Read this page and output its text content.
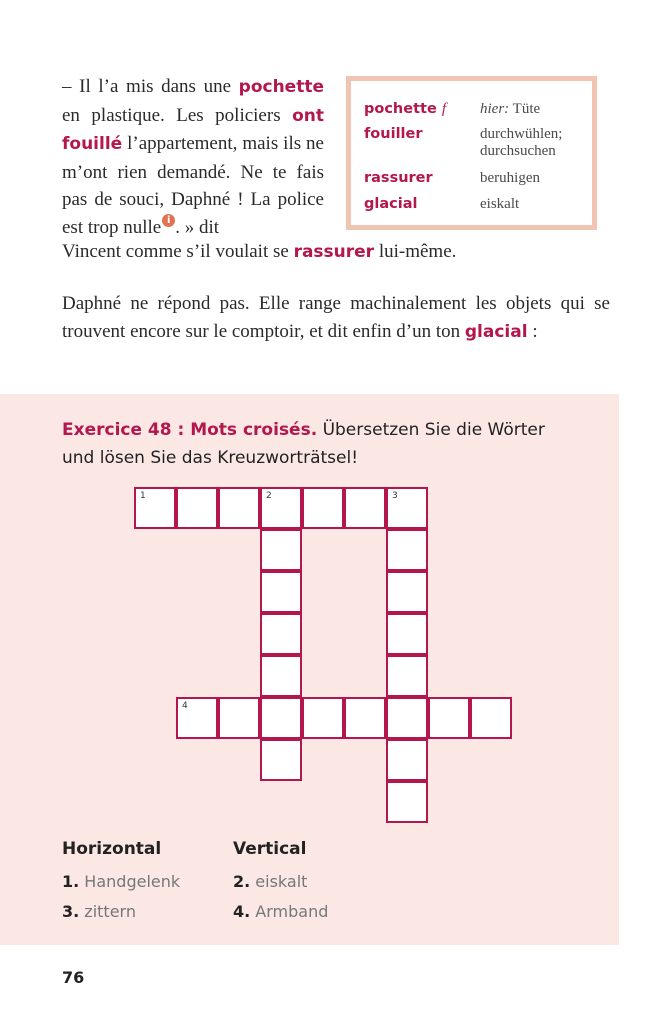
– Il l’a mis dans une pochette en plastique. Les policiers ont fouillé l’appartement, mais ils ne m’ont rien demandé. Ne te fais pas de souci, Daphné ! La police est trop nulle i . » dit
Vincent comme s’il voulait se rassurer lui-même.
Daphné ne répond pas. Elle range machinalement les objets qui se trouvent encore sur le comptoir, et dit enfin d’un ton glacial :
pochette f hier: Tüte
fouiller	durchwühlen; durchsuchen
rassurer	beruhigen
glacial	eiskalt
Exercice 48 : Mots croisés. Übersetzen Sie die Wörter und lösen Sie das Kreuzworträtsel!
1	2	3
4
Horizontal	Vertical
1. Handgelenk
3. zittern
2. eiskalt
4. Armband
76
